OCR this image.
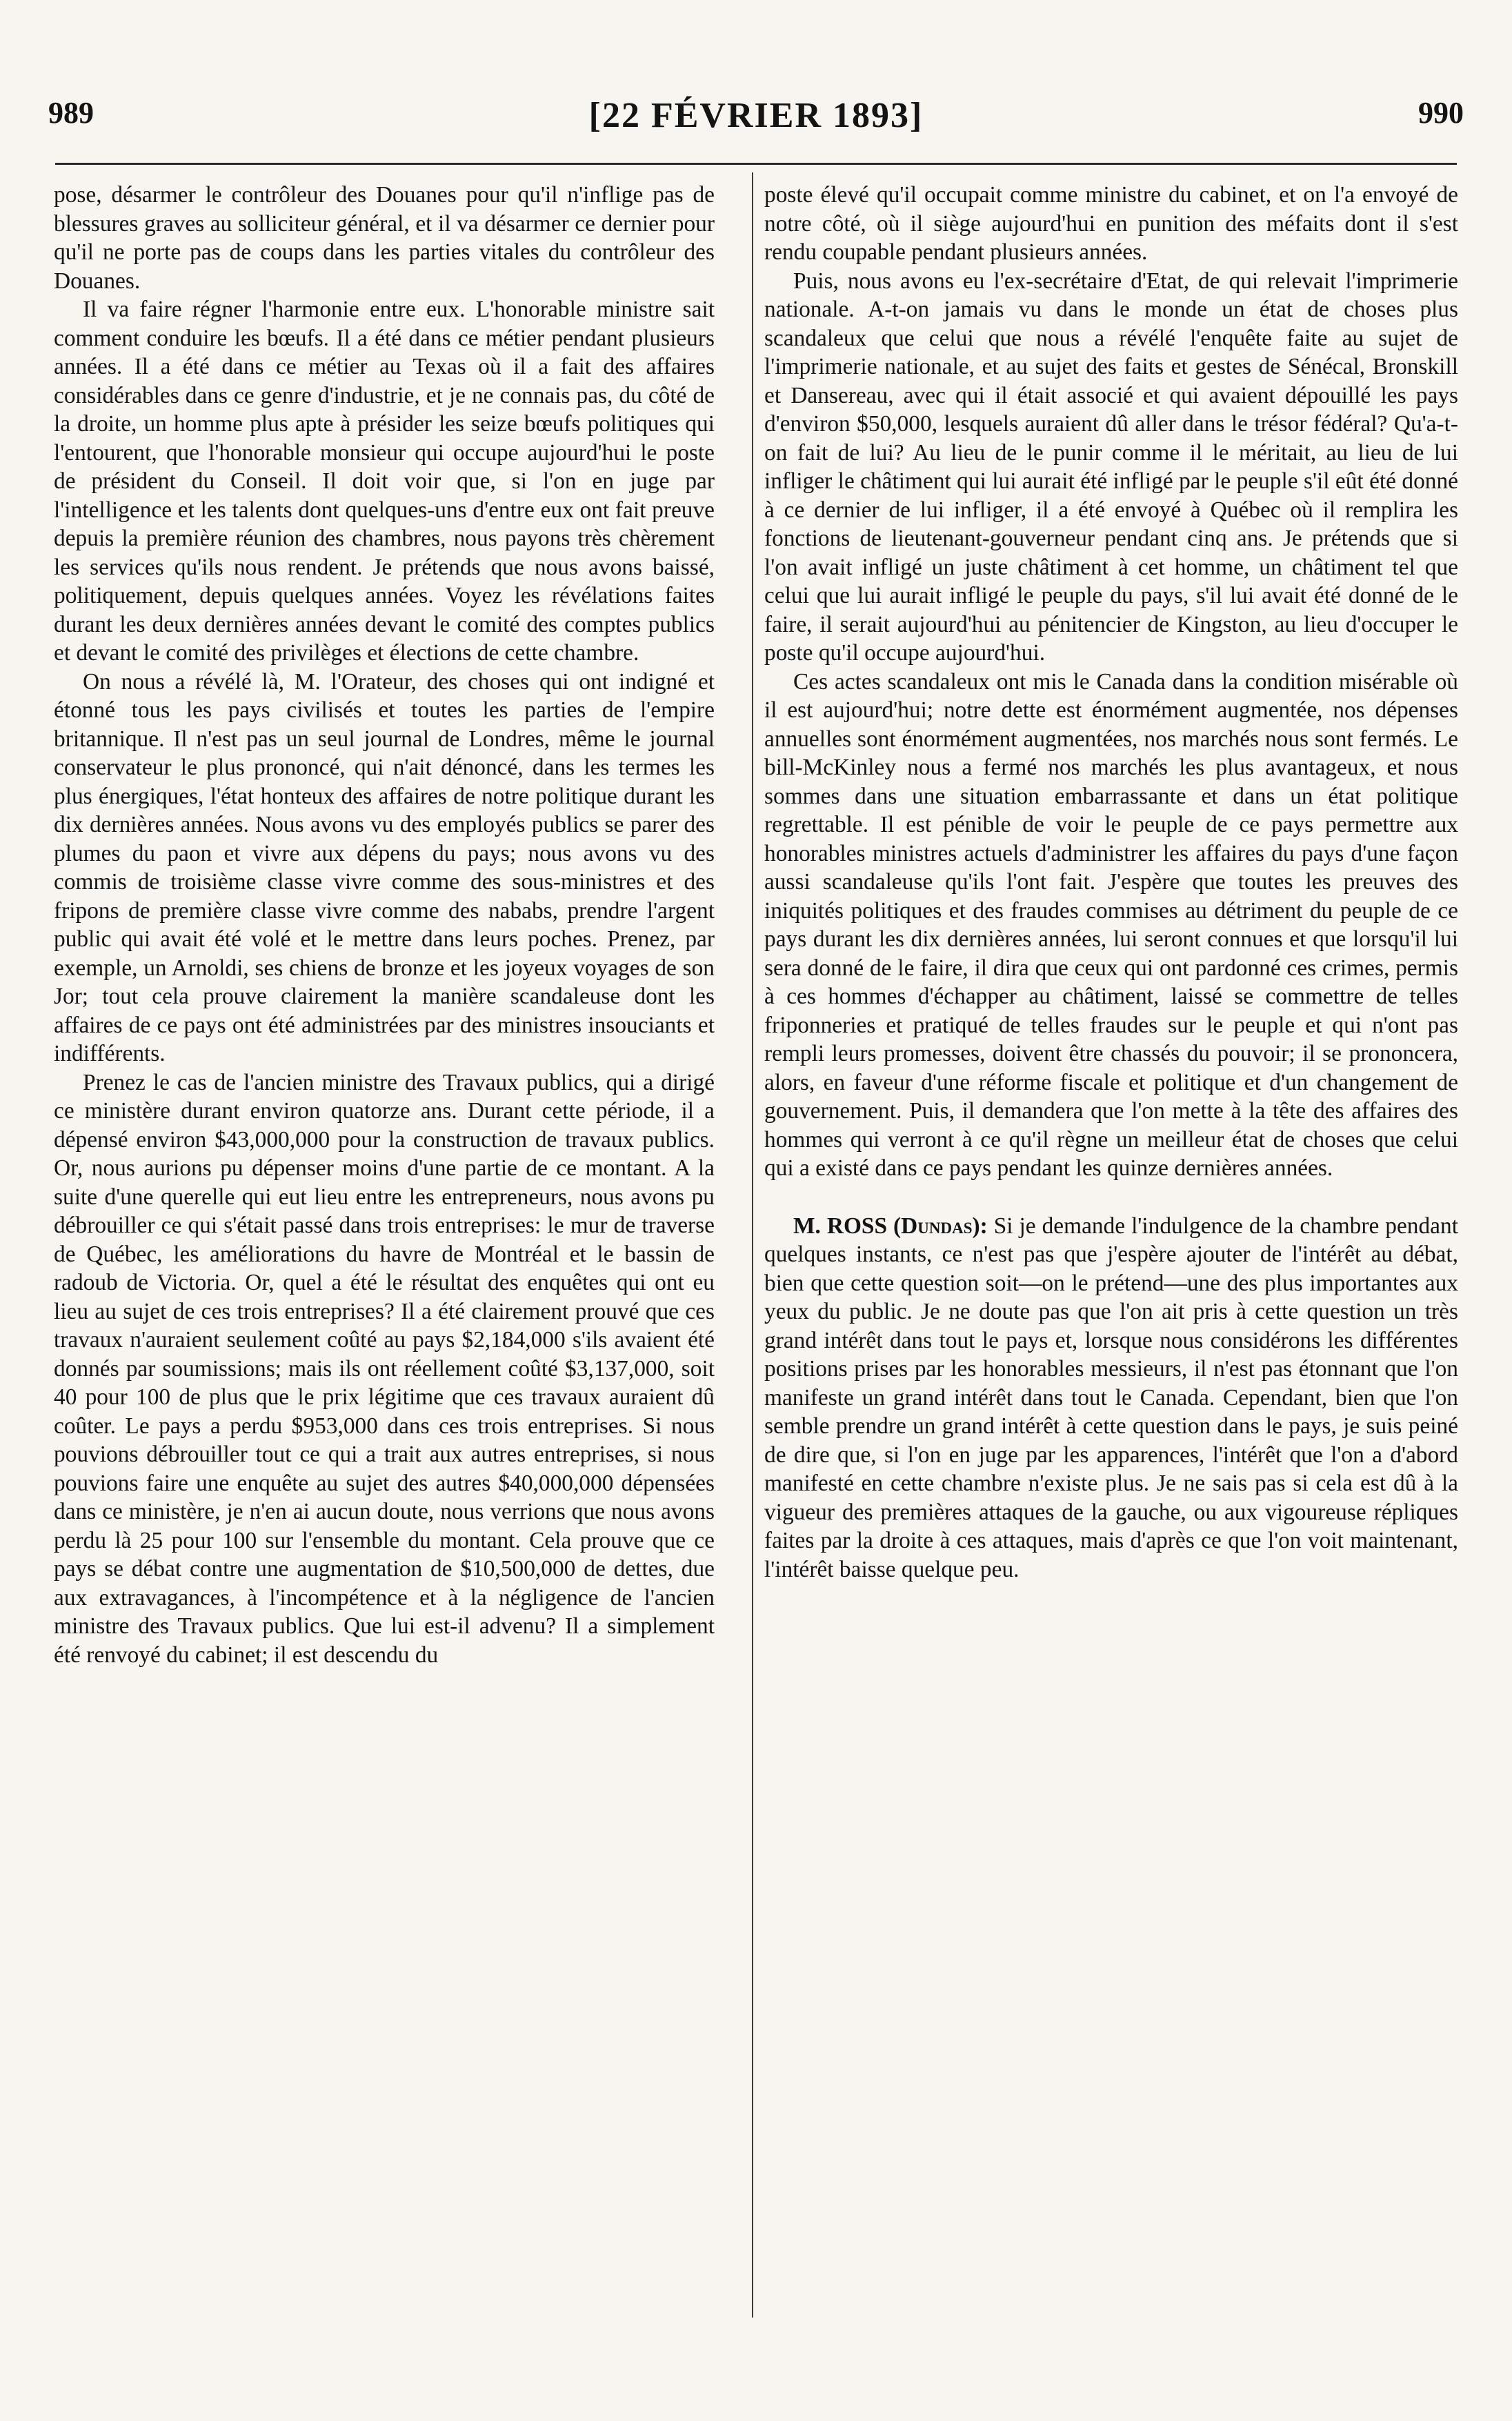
989	[22 FÉVRIER 1893]	990

pose, désarmer le contrôleur des Douanes pour qu'il n'inflige pas de blessures graves au solliciteur général, et il va désarmer ce dernier pour qu'il ne porte pas de coups dans les parties vitales du contrôleur des Douanes.

Il va faire régner l'harmonie entre eux. L'honorable ministre sait comment conduire les bœufs. Il a été dans ce métier pendant plusieurs années. Il a été dans ce métier au Texas où il a fait des affaires considérables dans ce genre d'industrie, et je ne connais pas, du côté de la droite, un homme plus apte à présider les seize bœufs politiques qui l'entourent, que l'honorable monsieur qui occupe aujourd'hui le poste de président du Conseil. Il doit voir que, si l'on en juge par l'intelligence et les talents dont quelques-uns d'entre eux ont fait preuve depuis la première réunion des chambres, nous payons très chèrement les services qu'ils nous rendent. Je prétends que nous avons baissé, politiquement, depuis quelques années. Voyez les révélations faites durant les deux dernières années devant le comité des comptes publics et devant le comité des privilèges et élections de cette chambre.

On nous a révélé là, M. l'Orateur, des choses qui ont indigné et étonné tous les pays civilisés et toutes les parties de l'empire britannique. Il n'est pas un seul journal de Londres, même le journal conservateur le plus prononcé, qui n'ait dénoncé, dans les termes les plus énergiques, l'état honteux des affaires de notre politique durant les dix dernières années. Nous avons vu des employés publics se parer des plumes du paon et vivre aux dépens du pays; nous avons vu des commis de troisième classe vivre comme des sous-ministres et des fripons de première classe vivre comme des nababs, prendre l'argent public qui avait été volé et le mettre dans leurs poches. Prenez, par exemple, un Arnoldi, ses chiens de bronze et les joyeux voyages de son Jor; tout cela prouve clairement la manière scandaleuse dont les affaires de ce pays ont été administrées par des ministres insouciants et indifférents.

Prenez le cas de l'ancien ministre des Travaux publics, qui a dirigé ce ministère durant environ quatorze ans. Durant cette période, il a dépensé environ $43,000,000 pour la construction de travaux publics. Or, nous aurions pu dépenser moins d'une partie de ce montant. A la suite d'une querelle qui eut lieu entre les entrepreneurs, nous avons pu débrouiller ce qui s'était passé dans trois entreprises: le mur de traverse de Québec, les améliorations du havre de Montréal et le bassin de radoub de Victoria. Or, quel a été le résultat des enquêtes qui ont eu lieu au sujet de ces trois entreprises? Il a été clairement prouvé que ces travaux n'auraient seulement coûté au pays $2,184,000 s'ils avaient été donnés par soumissions; mais ils ont réellement coûté $3,137,000, soit 40 pour 100 de plus que le prix légitime que ces travaux auraient dû coûter. Le pays a perdu $953,000 dans ces trois entreprises. Si nous pouvions débrouiller tout ce qui a trait aux autres entreprises, si nous pouvions faire une enquête au sujet des autres $40,000,000 dépensées dans ce ministère, je n'en ai aucun doute, nous verrions que nous avons perdu là 25 pour 100 sur l'ensemble du montant. Cela prouve que ce pays se débat contre une augmentation de $10,500,000 de dettes, due aux extravagances, à l'incompétence et à la négligence de l'ancien ministre des Travaux publics. Que lui est-il advenu? Il a simplement été renvoyé du cabinet; il est descendu du

poste élevé qu'il occupait comme ministre du cabinet, et on l'a envoyé de notre côté, où il siège aujourd'hui en punition des méfaits dont il s'est rendu coupable pendant plusieurs années.

Puis, nous avons eu l'ex-secrétaire d'Etat, de qui relevait l'imprimerie nationale. A-t-on jamais vu dans le monde un état de choses plus scandaleux que celui que nous a révélé l'enquête faite au sujet de l'imprimerie nationale, et au sujet des faits et gestes de Sénécal, Bronskill et Dansereau, avec qui il était associé et qui avaient dépouillé les pays d'environ $50,000, lesquels auraient dû aller dans le trésor fédéral? Qu'a-t-on fait de lui? Au lieu de le punir comme il le méritait, au lieu de lui infliger le châtiment qui lui aurait été infligé par le peuple s'il eût été donné à ce dernier de lui infliger, il a été envoyé à Québec où il remplira les fonctions de lieutenant-gouverneur pendant cinq ans. Je prétends que si l'on avait infligé un juste châtiment à cet homme, un châtiment tel que celui que lui aurait infligé le peuple du pays, s'il lui avait été donné de le faire, il serait aujourd'hui au pénitencier de Kingston, au lieu d'occuper le poste qu'il occupe aujourd'hui.

Ces actes scandaleux ont mis le Canada dans la condition misérable où il est aujourd'hui; notre dette est énormément augmentée, nos dépenses annuelles sont énormément augmentées, nos marchés nous sont fermés. Le bill-McKinley nous a fermé nos marchés les plus avantageux, et nous sommes dans une situation embarrassante et dans un état politique regrettable. Il est pénible de voir le peuple de ce pays permettre aux honorables ministres actuels d'administrer les affaires du pays d'une façon aussi scandaleuse qu'ils l'ont fait. J'espère que toutes les preuves des iniquités politiques et des fraudes commises au détriment du peuple de ce pays durant les dix dernières années, lui seront connues et que lorsqu'il lui sera donné de le faire, il dira que ceux qui ont pardonné ces crimes, permis à ces hommes d'échapper au châtiment, laissé se commettre de telles friponneries et pratiqué de telles fraudes sur le peuple et qui n'ont pas rempli leurs promesses, doivent être chassés du pouvoir; il se prononcera, alors, en faveur d'une réforme fiscale et politique et d'un changement de gouvernement. Puis, il demandera que l'on mette à la tête des affaires des hommes qui verront à ce qu'il règne un meilleur état de choses que celui qui a existé dans ce pays pendant les quinze dernières années.

M. ROSS (Dundas): Si je demande l'indulgence de la chambre pendant quelques instants, ce n'est pas que j'espère ajouter de l'intérêt au débat, bien que cette question soit—on le prétend—une des plus importantes aux yeux du public. Je ne doute pas que l'on ait pris à cette question un très grand intérêt dans tout le pays et, lorsque nous considérons les différentes positions prises par les honorables messieurs, il n'est pas étonnant que l'on manifeste un grand intérêt dans tout le Canada. Cependant, bien que l'on semble prendre un grand intérêt à cette question dans le pays, je suis peiné de dire que, si l'on en juge par les apparences, l'intérêt que l'on a d'abord manifesté en cette chambre n'existe plus. Je ne sais pas si cela est dû à la vigueur des premières attaques de la gauche, ou aux vigoureuse répliques faites par la droite à ces attaques, mais d'après ce que l'on voit maintenant, l'intérêt baisse quelque peu.
